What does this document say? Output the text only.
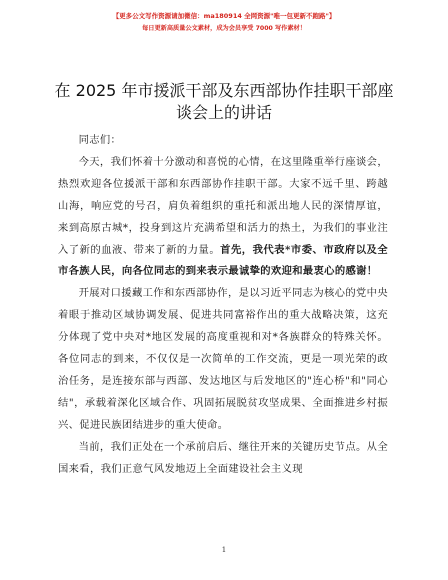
【更多公文写作资源请加微信：ma180914 全网资源"唯一包更新不跑路"】
每日更新高质量公文素材，成为会员享受 7000 写作素材！
在 2025 年市援派干部及东西部协作挂职干部座谈会上的讲话

同志们：

今天，我们怀着十分激动和喜悦的心情，在这里隆重举行座谈会，热烈欢迎各位援派干部和东西部协作挂职干部。大家不远千里、跨越山海，响应党的号召，肩负着组织的重托和派出地人民的深情厚谊，来到高原古城*，投身到这片充满希望和活力的热土，为我们的事业注入了新的血液、带来了新的力量。首先，我代表*市委、市政府以及全市各族人民，向各位同志的到来表示最诚挚的欢迎和最衷心的感谢！

开展对口援藏工作和东西部协作，是以习近平同志为核心的党中央着眼于推动区域协调发展、促进共同富裕作出的重大战略决策，这充分体现了党中央对*地区发展的高度重视和对*各族群众的特殊关怀。各位同志的到来，不仅仅是一次简单的工作交流，更是一项光荣的政治任务，是连接东部与西部、发达地区与后发地区的"连心桥"和"同心结"，承载着深化区域合作、巩固拓展脱贫攻坚成果、全面推进乡村振兴、促进民族团结进步的重大使命。

当前，我们正处在一个承前启后、继往开来的关键历史节点。从全国来看，我们正意气风发地迈上全面建设社会主义现

1
